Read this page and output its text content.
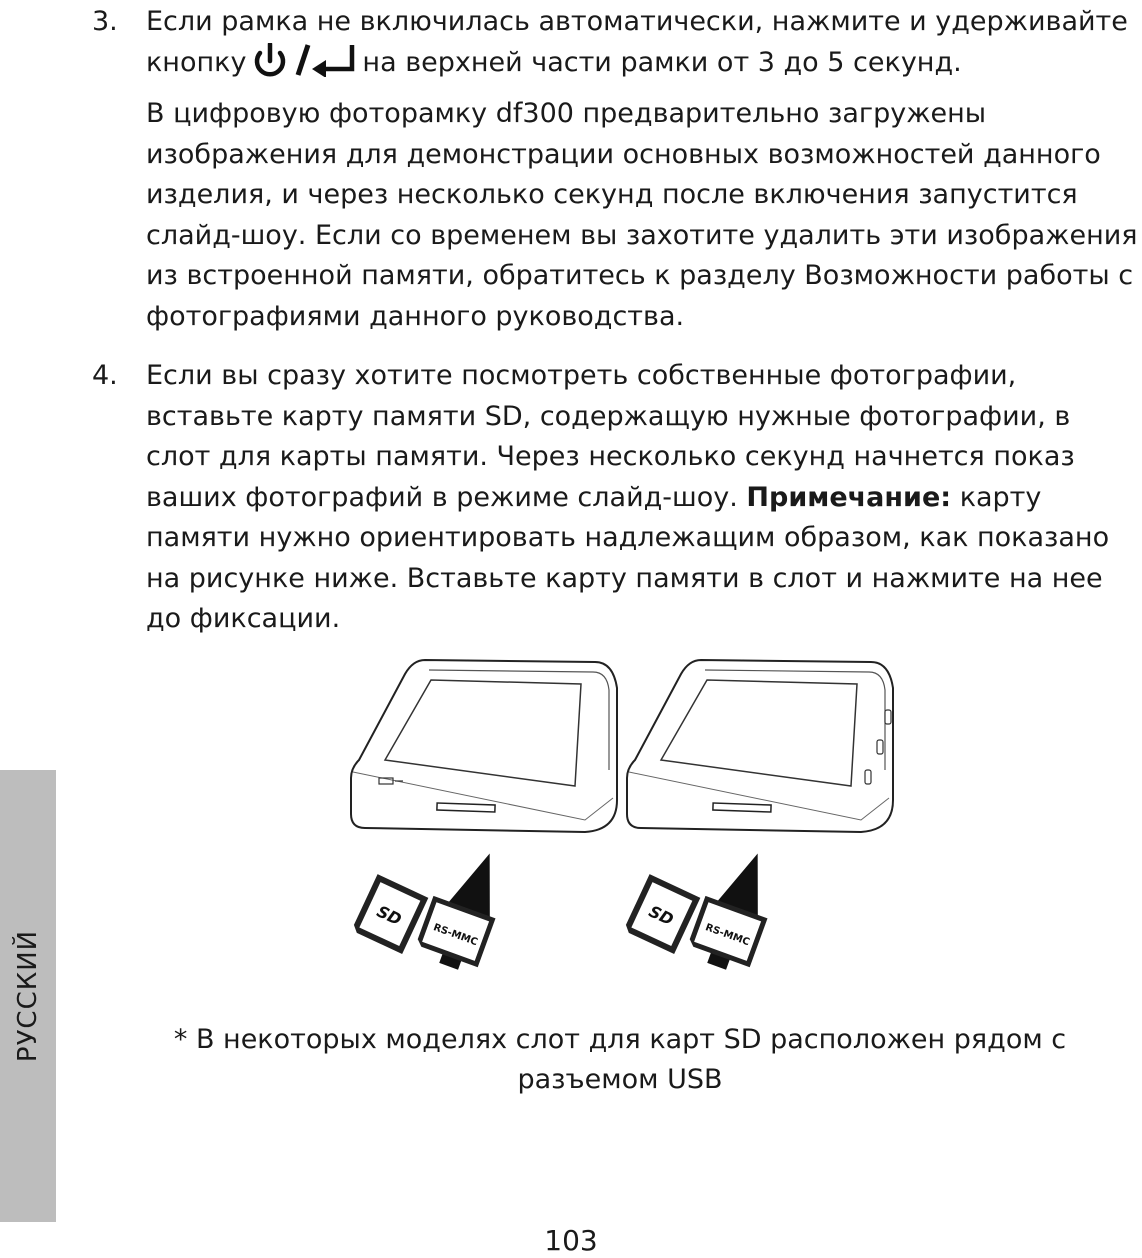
РУССКИЙ
3. Если рамка не включилась автоматически, нажмите и удерживайте
кнопку	на верхней части рамки от 3 до 5 секунд.

В цифровую фоторамку df300 предварительно загружены изображения для демонстрации основных возможностей данного изделия, и через несколько секунд после включения запустится слайд-шоу. Если со временем вы захотите удалить эти изображения из встроенной памяти, обратитесь к разделу Возможности работы с фотографиями данного руководства.

4. Если вы сразу хотите посмотреть собственные фотографии, вставьте карту памяти SD, содержащую нужные фотографии, в слот для карты памяти. Через несколько секунд начнется показ ваших фотографий в режиме слайд-шоу. Примечание: карту памяти нужно ориентировать надлежащим образом, как показано на рисунке ниже. Вставьте карту памяти в слот и нажмите на нее до фиксации.

SD
* В некоторых моделях слот для карт SD расположен рядом с
разъемом USB
103
